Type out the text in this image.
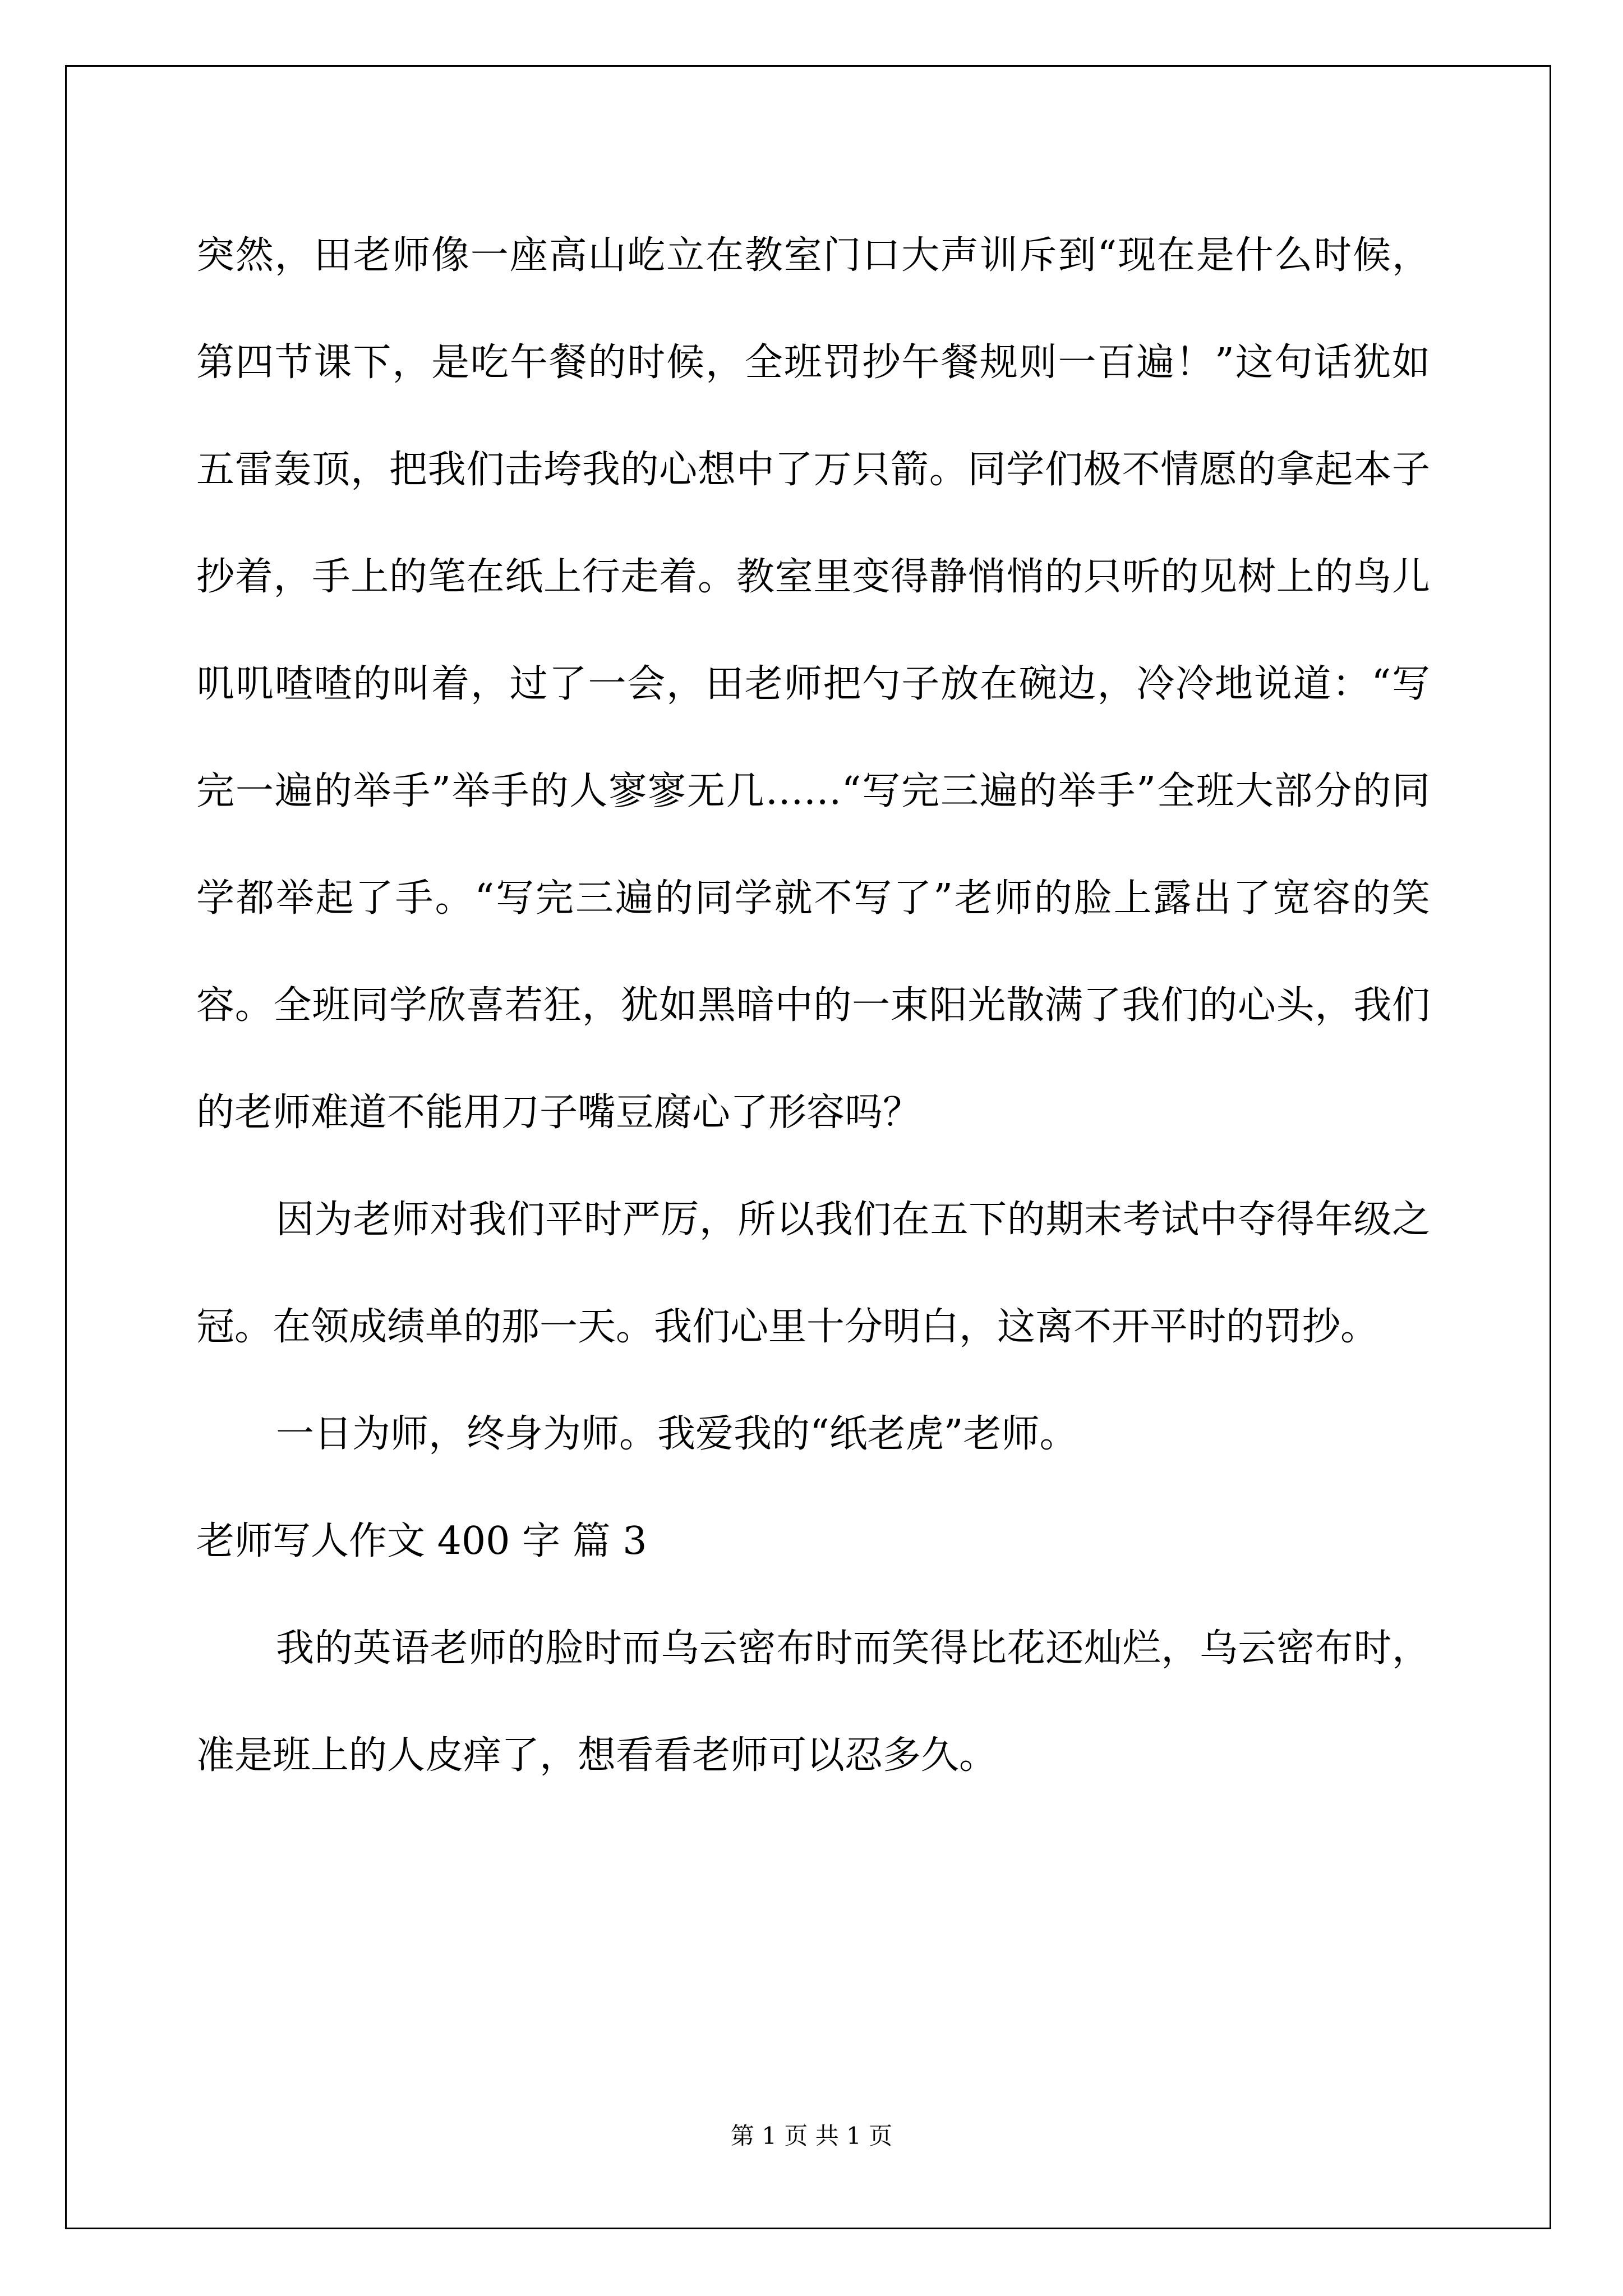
突然，田老师像一座高山屹立在教室门口大声训斥到“现在是什么时候，第四节课下，是吃午餐的时候，全班罚抄午餐规则一百遍！”这句话犹如五雷轰顶，把我们击垮我的心想中了万只箭。同学们极不情愿的拿起本子抄着，手上的笔在纸上行走着。教室里变得静悄悄的只听的见树上的鸟儿叽叽喳喳的叫着，过了一会，田老师把勺子放在碗边，冷冷地说道：“写完一遍的举手”举手的人寥寥无几……“写完三遍的举手”全班大部分的同学都举起了手。“写完三遍的同学就不写了”老师的脸上露出了宽容的笑容。全班同学欣喜若狂，犹如黑暗中的一束阳光散满了我们的心头，我们的老师难道不能用刀子嘴豆腐心了形容吗？

因为老师对我们平时严厉，所以我们在五下的期末考试中夺得年级之冠。在领成绩单的那一天。我们心里十分明白，这离不开平时的罚抄。

一日为师，终身为师。我爱我的“纸老虎”老师。

老师写人作文 400 字 篇 3

我的英语老师的脸时而乌云密布时而笑得比花还灿烂，乌云密布时，准是班上的人皮痒了，想看看老师可以忍多久。

第 1 页 共 1 页
